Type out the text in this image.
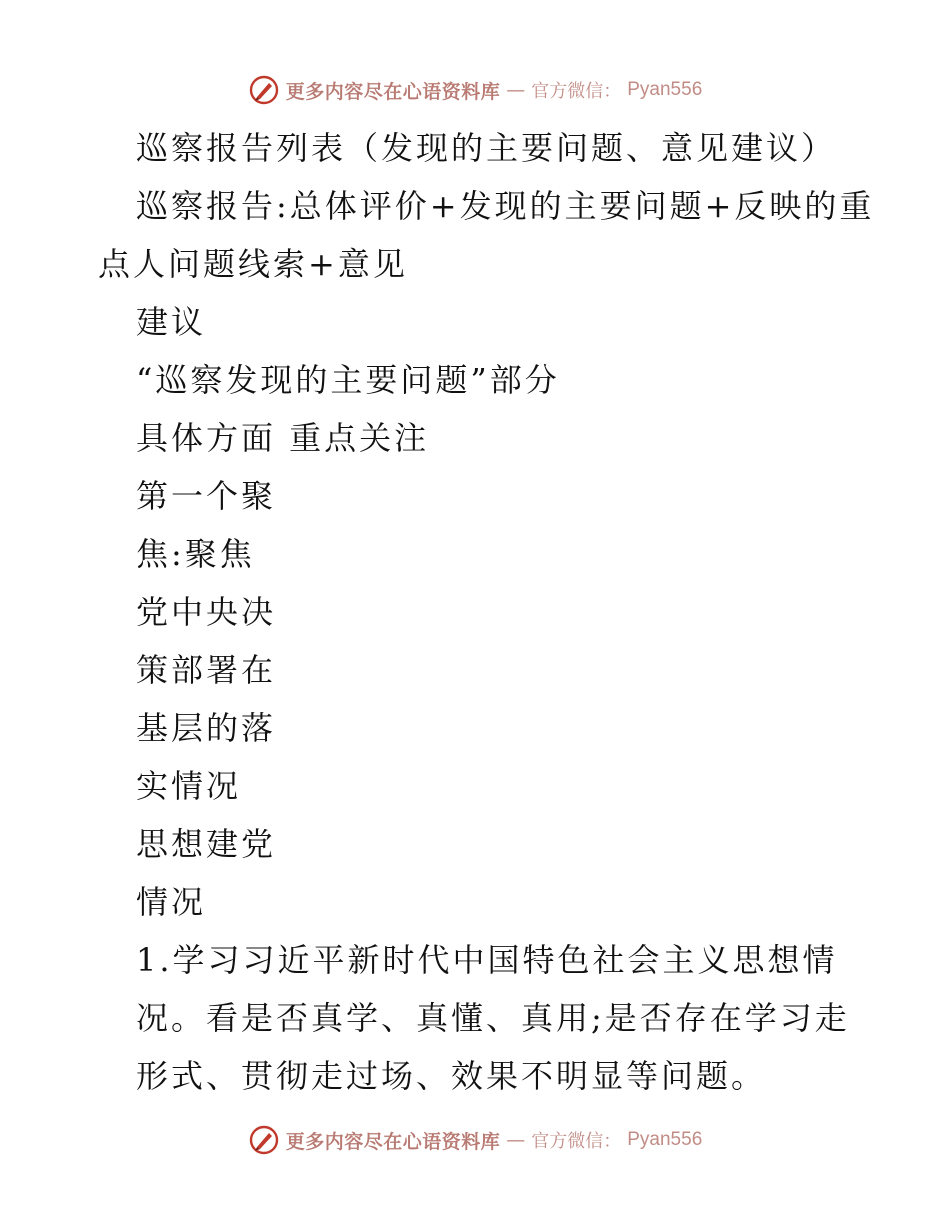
更多内容尽在心语资料库 — 官方微信： Pyan556
巡察报告列表（发现的主要问题、意见建议）
巡察报告:总体评价+发现的主要问题+反映的重
点人问题线索+意见
建议
“巡察发现的主要问题”部分
具体方面 重点关注
第一个聚
焦:聚焦
党中央决
策部署在
基层的落
实情况
思想建党
情况
1.学习习近平新时代中国特色社会主义思想情
况。看是否真学、真懂、真用;是否存在学习走
形式、贯彻走过场、效果不明显等问题。
更多内容尽在心语资料库 — 官方微信： Pyan556
